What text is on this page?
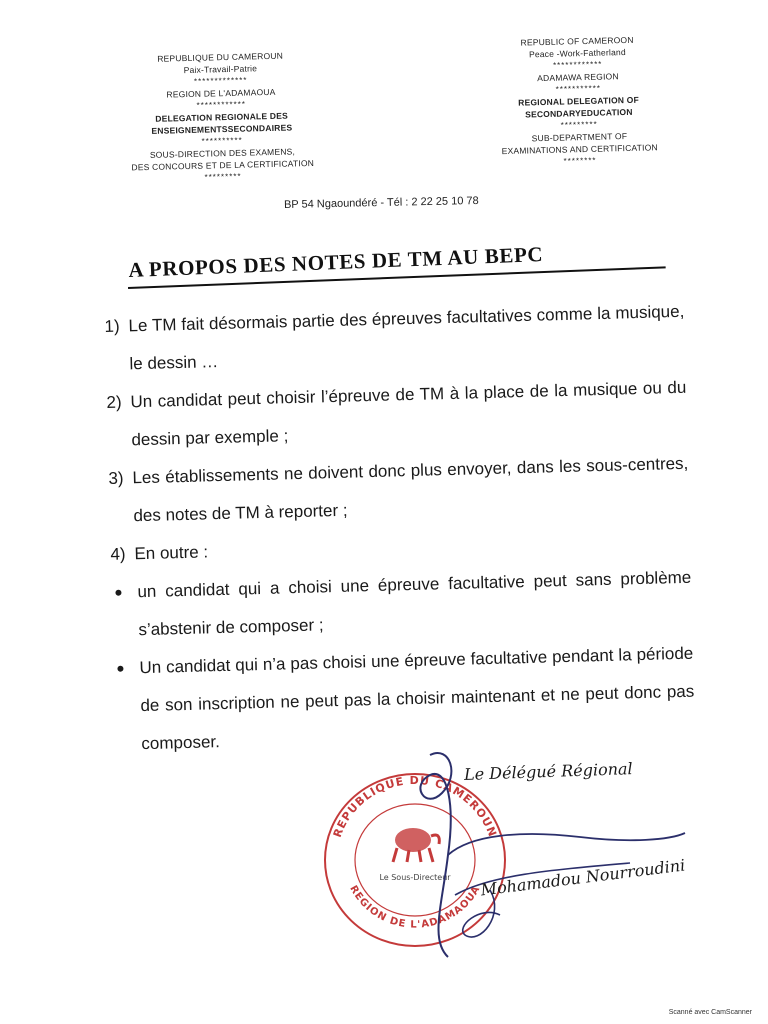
REPUBLIQUE DU CAMEROUN
Paix-Travail-Patrie
*************
REGION DE L'ADAMAOUA
************
DELEGATION REGIONALE DES
ENSEIGNEMENTSSECONDAIRES
**********
SOUS-DIRECTION DES EXAMENS,
DES CONCOURS ET DE LA CERTIFICATION
*********
REPUBLIC OF CAMEROON
Peace -Work-Fatherland
************
ADAMAWA REGION
***********
REGIONAL DELEGATION OF
SECONDARYEDUCATION
*********
SUB-DEPARTMENT OF
EXAMINATIONS AND CERTIFICATION
********
BP 54 Ngaoundéré - Tél : 2 22 25 10 78
A PROPOS DES NOTES DE TM AU BEPC
1) Le TM fait désormais partie des épreuves facultatives comme la musique, le dessin …
2) Un candidat peut choisir l’épreuve de TM à la place de la musique ou du dessin par exemple ;
3) Les établissements ne doivent donc plus envoyer, dans les sous-centres, des notes de TM à reporter ;
4) En outre :
un candidat qui a choisi une épreuve facultative peut sans problème s’abstenir de composer ;
Un candidat qui n’a pas choisi une épreuve facultative pendant la période de son inscription ne peut pas la choisir maintenant et ne peut donc pas composer.
REPUBLIQUE DU CAMEROUN
REGION DE L'ADAMAOUA
Le Sous-Directeur
Le Délégué Régional
Mohamadou Nourroudini
Scanné avec CamScanner
